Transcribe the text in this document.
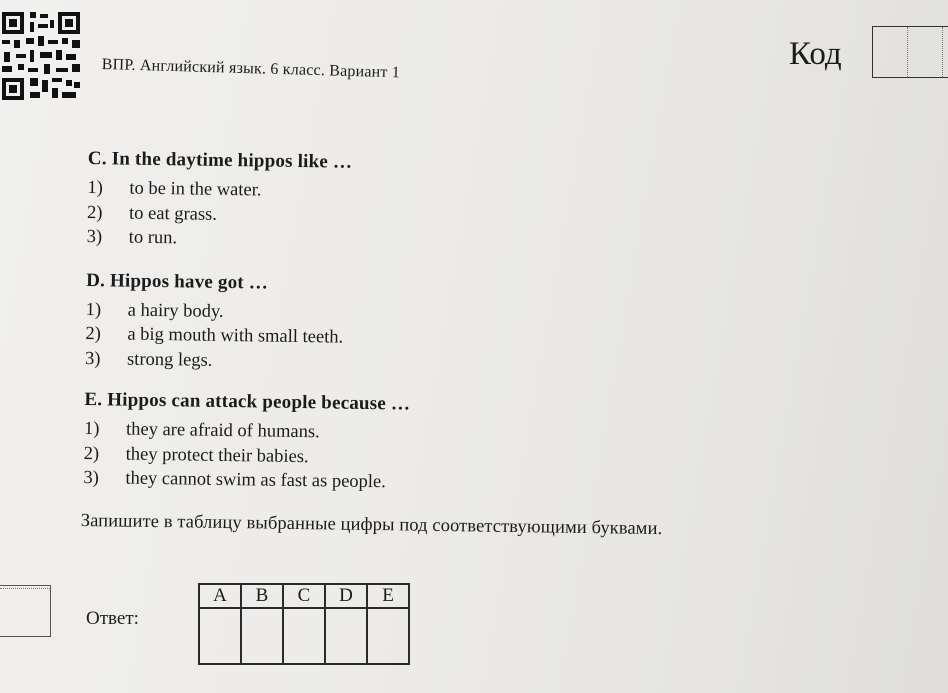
ВПР. Английский язык. 6 класс. Вариант 1	Код
C. In the daytime hippos like …
1)	to be in the water.
2)	to eat grass.
3)	to run.
D. Hippos have got …
1)	a hairy body.
2)	a big mouth with small teeth.
3)	strong legs.
E. Hippos can attack people because …
1)	they are afraid of humans.
2)	they protect their babies.
3)	they cannot swim as fast as people.
Запишите в таблицу выбранные цифры под соответствующими буквами.
Ответ:
A	B	C	D	E
